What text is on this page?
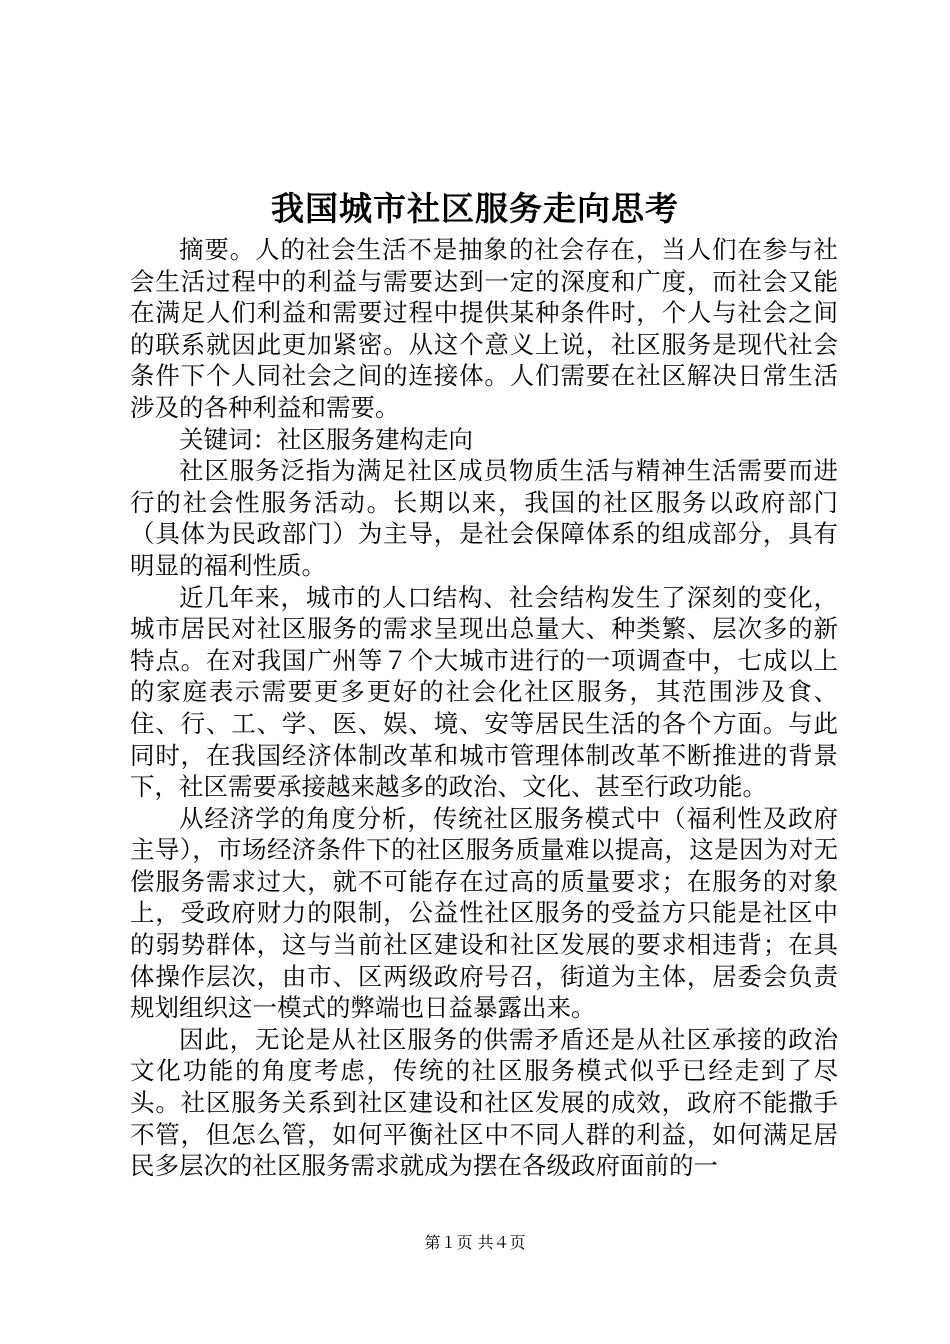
我国城市社区服务走向思考

摘要。人的社会生活不是抽象的社会存在，当人们在参与社会生活过程中的利益与需要达到一定的深度和广度，而社会又能在满足人们利益和需要过程中提供某种条件时，个人与社会之间的联系就因此更加紧密。从这个意义上说，社区服务是现代社会条件下个人同社会之间的连接体。人们需要在社区解决日常生活涉及的各种利益和需要。

关键词：社区服务建构走向

社区服务泛指为满足社区成员物质生活与精神生活需要而进行的社会性服务活动。长期以来，我国的社区服务以政府部门（具体为民政部门）为主导，是社会保障体系的组成部分，具有明显的福利性质。

近几年来，城市的人口结构、社会结构发生了深刻的变化，城市居民对社区服务的需求呈现出总量大、种类繁、层次多的新特点。在对我国广州等７个大城市进行的一项调查中，七成以上的家庭表示需要更多更好的社会化社区服务，其范围涉及食、住、行、工、学、医、娱、境、安等居民生活的各个方面。与此同时，在我国经济体制改革和城市管理体制改革不断推进的背景下，社区需要承接越来越多的政治、文化、甚至行政功能。

从经济学的角度分析，传统社区服务模式中（福利性及政府主导），市场经济条件下的社区服务质量难以提高，这是因为对无偿服务需求过大，就不可能存在过高的质量要求；在服务的对象上，受政府财力的限制，公益性社区服务的受益方只能是社区中的弱势群体，这与当前社区建设和社区发展的要求相违背；在具体操作层次，由市、区两级政府号召，街道为主体，居委会负责规划组织这一模式的弊端也日益暴露出来。

因此，无论是从社区服务的供需矛盾还是从社区承接的政治文化功能的角度考虑，传统的社区服务模式似乎已经走到了尽头。社区服务关系到社区建设和社区发展的成效，政府不能撒手不管，但怎么管，如何平衡社区中不同人群的利益，如何满足居民多层次的社区服务需求就成为摆在各级政府面前的一

第１页 共４页
